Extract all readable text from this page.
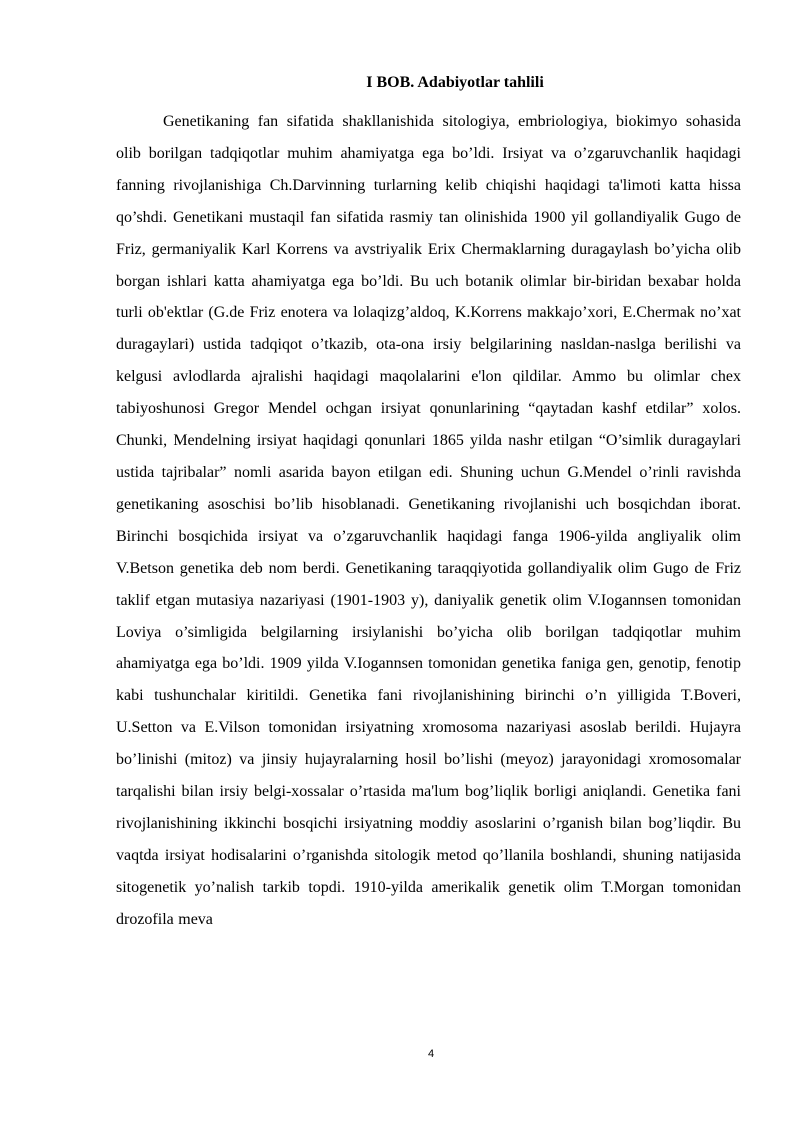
I BOB. Adabiyotlar tahlili

Genetikaning fan sifatida shakllanishida sitologiya, embriologiya, biokimyo sohasida olib borilgan tadqiqotlar muhim ahamiyatga ega bo’ldi. Irsiyat va o’zgaruvchanlik haqidagi fanning rivojlanishiga Ch.Darvinning turlarning kelib chiqishi haqidagi ta'limoti katta hissa qo’shdi. Genetikani mustaqil fan sifatida rasmiy tan olinishida 1900 yil gollandiyalik Gugo de Friz, germaniyalik Karl Korrens va avstriyalik Erix Chermaklarning duragaylash bo’yicha olib borgan ishlari katta ahamiyatga ega bo’ldi. Bu uch botanik olimlar bir-biridan bexabar holda turli ob'ektlar (G.de Friz enotera va lolaqizg’aldoq, K.Korrens makkajo’xori, E.Chermak no’xat duragaylari) ustida tadqiqot o’tkazib, ota-ona irsiy belgilarining nasldan-naslga berilishi va kelgusi avlodlarda ajralishi haqidagi maqolalarini e'lon qildilar. Ammo bu olimlar chex tabiyoshunosi Gregor Mendel ochgan irsiyat qonunlarining “qaytadan kashf etdilar” xolos. Chunki, Mendelning irsiyat haqidagi qonunlari 1865 yilda nashr etilgan “O’simlik duragaylari ustida tajribalar” nomli asarida bayon etilgan edi. Shuning uchun G.Mendel o’rinli ravishda genetikaning asoschisi bo’lib hisoblanadi. Genetikaning rivojlanishi uch bosqichdan iborat. Birinchi bosqichida irsiyat va o’zgaruvchanlik haqidagi fanga 1906-yilda angliyalik olim V.Betson genetika deb nom berdi. Genetikaning taraqqiyotida gollandiyalik olim Gugo de Friz taklif etgan mutasiya nazariyasi (1901-1903 y), daniyalik genetik olim V.Iogannsen tomonidan Loviya o’simligida belgilarning irsiylanishi bo’yicha olib borilgan tadqiqotlar muhim ahamiyatga ega bo’ldi. 1909 yilda V.Iogannsen tomonidan genetika faniga gen, genotip, fenotip kabi tushunchalar kiritildi. Genetika fani rivojlanishining birinchi o’n yilligida T.Boveri, U.Setton va E.Vilson tomonidan irsiyatning xromosoma nazariyasi asoslab berildi. Hujayra bo’linishi (mitoz) va jinsiy hujayralarning hosil bo’lishi (meyoz) jarayonidagi xromosomalar tarqalishi bilan irsiy belgi-xossalar o’rtasida ma'lum bog’liqlik borligi aniqlandi. Genetika fani rivojlanishining ikkinchi bosqichi irsiyatning moddiy asoslarini o’rganish bilan bog’liqdir. Bu vaqtda irsiyat hodisalarini o’rganishda sitologik metod qo’llanila boshlandi, shuning natijasida sitogenetik yo’nalish tarkib topdi. 1910-yilda amerikalik genetik olim T.Morgan tomonidan drozofila meva

4
